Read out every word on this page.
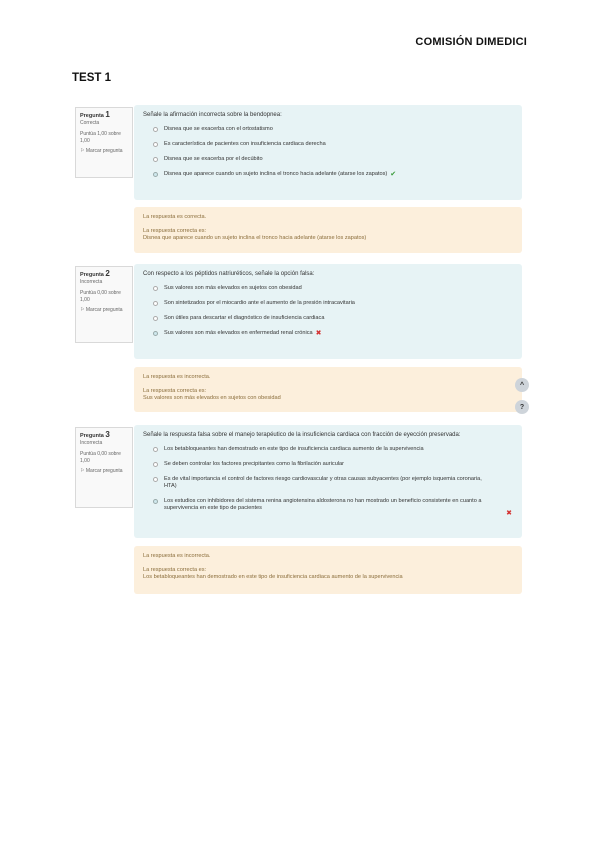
COMISIÓN DIMEDICI
TEST 1
Pregunta 1
Correcta
Puntúa 1,00 sobre 1,00
⚐ Marcar pregunta
Señale la afirmación incorrecta sobre la bendopnea:
Disnea que se exacerba con el ortostatismo
Es característica de pacientes con insuficiencia cardiaca derecha
Disnea que se exacerba por el decúbito
Disnea que aparece cuando un sujeto inclina el tronco hacia adelante (atarse los zapatos) ✔
La respuesta es correcta.
La respuesta correcta es:
Disnea que aparece cuando un sujeto inclina el tronco hacia adelante (atarse los zapatos)
Pregunta 2
Incorrecta
Puntúa 0,00 sobre 1,00
⚐ Marcar pregunta
Con respecto a los péptidos natriuréticos, señale la opción falsa:
Sus valores son más elevados en sujetos con obesidad
Son sintetizados por el miocardio ante el aumento de la presión intracavitaria
Son útiles para descartar el diagnóstico de insuficiencia cardiaca
Sus valores son más elevados en enfermedad renal crónica ✖
La respuesta es incorrecta.
La respuesta correcta es:
Sus valores son más elevados en sujetos con obesidad
^
?
Pregunta 3
Incorrecta
Puntúa 0,00 sobre 1,00
⚐ Marcar pregunta
Señale la respuesta falsa sobre el manejo terapéutico de la insuficiencia cardiaca con fracción de eyección preservada:
Los betabloqueantes han demostrado en este tipo de insuficiencia cardiaca aumento de la supervivencia
Se deben controlar los factores precipitantes como la fibrilación auricular
Es de vital importancia el control de factores riesgo cardiovascular y otras causas subyacentes (por ejemplo isquemia coronaria, HTA)
Los estudios con inhibidores del sistema renina angiotensina aldosterona no han mostrado un beneficio consistente en cuanto a supervivencia en este tipo de pacientes
✖
La respuesta es incorrecta.
La respuesta correcta es:
Los betabloqueantes han demostrado en este tipo de insuficiencia cardiaca aumento de la supervivencia
